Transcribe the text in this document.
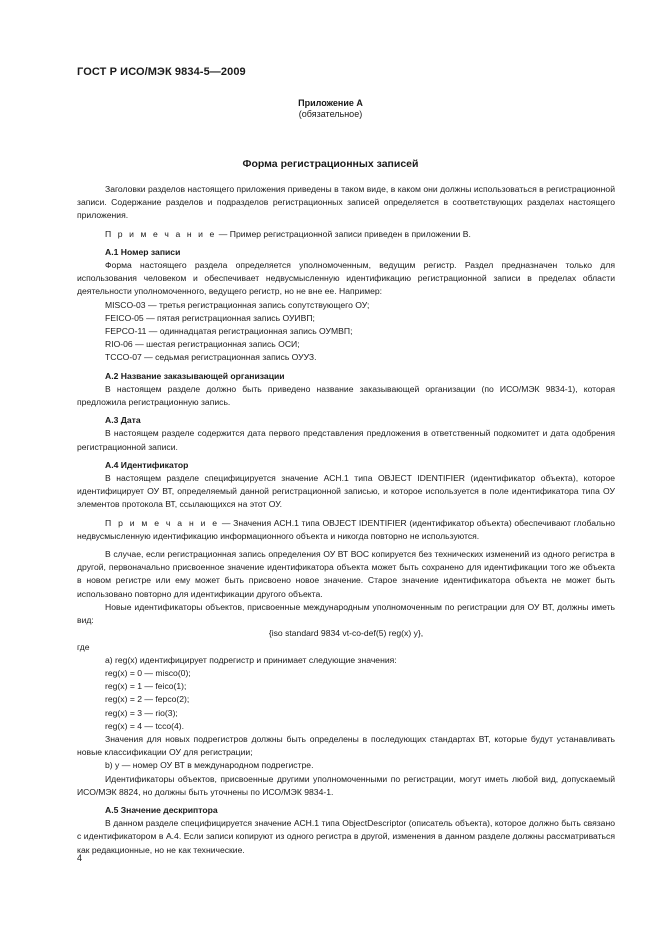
ГОСТ Р ИСО/МЭК 9834-5—2009
Приложение А
(обязательное)
Форма регистрационных записей

Заголовки разделов настоящего приложения приведены в таком виде, в каком они должны использоваться в регистрационной записи. Содержание разделов и подразделов регистрационных записей определяется в соответствующих разделах настоящего приложения.

П р и м е ч а н и е — Пример регистрационной записи приведен в приложении В.

А.1 Номер записи

Форма настоящего раздела определяется уполномоченным, ведущим регистр. Раздел предназначен только для использования человеком и обеспечивает недвусмысленную идентификацию регистрационной записи в пределах области деятельности уполномоченного, ведущего регистр, но не вне ее. Например:

MISCO-03 — третья регистрационная запись сопутствующего ОУ;

FEICO-05 — пятая регистрационная запись ОУИВП;

FEPCO-11 — одиннадцатая регистрационная запись ОУМВП;

RIO-06 — шестая регистрационная запись ОСИ;

TCCO-07 — седьмая регистрационная запись ОУУЗ.

А.2 Название заказывающей организации

В настоящем разделе должно быть приведено название заказывающей организации (по ИСО/МЭК 9834-1), которая предложила регистрационную запись.

А.3 Дата

В настоящем разделе содержится дата первого представления предложения в ответственный подкомитет и дата одобрения регистрационной записи.

А.4 Идентификатор

В настоящем разделе специфицируется значение АСН.1 типа OBJECT IDENTIFIER (идентификатор объекта), которое идентифицирует ОУ ВТ, определяемый данной регистрационной записью, и которое используется в поле идентификатора типа ОУ элементов протокола ВТ, ссылающихся на этот ОУ.

П р и м е ч а н и е — Значения АСН.1 типа OBJECT IDENTIFIER (идентификатор объекта) обеспечивают глобально недвусмысленную идентификацию информационного объекта и никогда повторно не используются.

В случае, если регистрационная запись определения ОУ ВТ ВОС копируется без технических изменений из одного регистра в другой, первоначально присвоенное значение идентификатора объекта может быть сохранено для идентификации того же объекта в новом регистре или ему может быть присвоено новое значение. Старое значение идентификатора объекта не может быть использовано повторно для идентификации другого объекта.

Новые идентификаторы объектов, присвоенные международным уполномоченным по регистрации для ОУ ВТ, должны иметь вид:

{iso standard 9834 vt-co-def(5) reg(x) y},

где

а) reg(x) идентифицирует подрегистр и принимает следующие значения:

reg(x) = 0 — misco(0);

reg(x) = 1 — feico(1);

reg(x) = 2 — fepco(2);

reg(x) = 3 — rio(3);

reg(x) = 4 — tcco(4).

Значения для новых подрегистров должны быть определены в последующих стандартах ВТ, которые будут устанавливать новые классификации ОУ для регистрации;

b) у — номер ОУ ВТ в международном подрегистре.

Идентификаторы объектов, присвоенные другими уполномоченными по регистрации, могут иметь любой вид, допускаемый ИСО/МЭК 8824, но должны быть уточнены по ИСО/МЭК 9834-1.

А.5 Значение дескриптора

В данном разделе специфицируется значение АСН.1 типа ObjectDescriptor (описатель объекта), которое должно быть связано с идентификатором в А.4. Если записи копируют из одного регистра в другой, изменения в данном разделе должны рассматриваться как редакционные, но не как технические.

4
